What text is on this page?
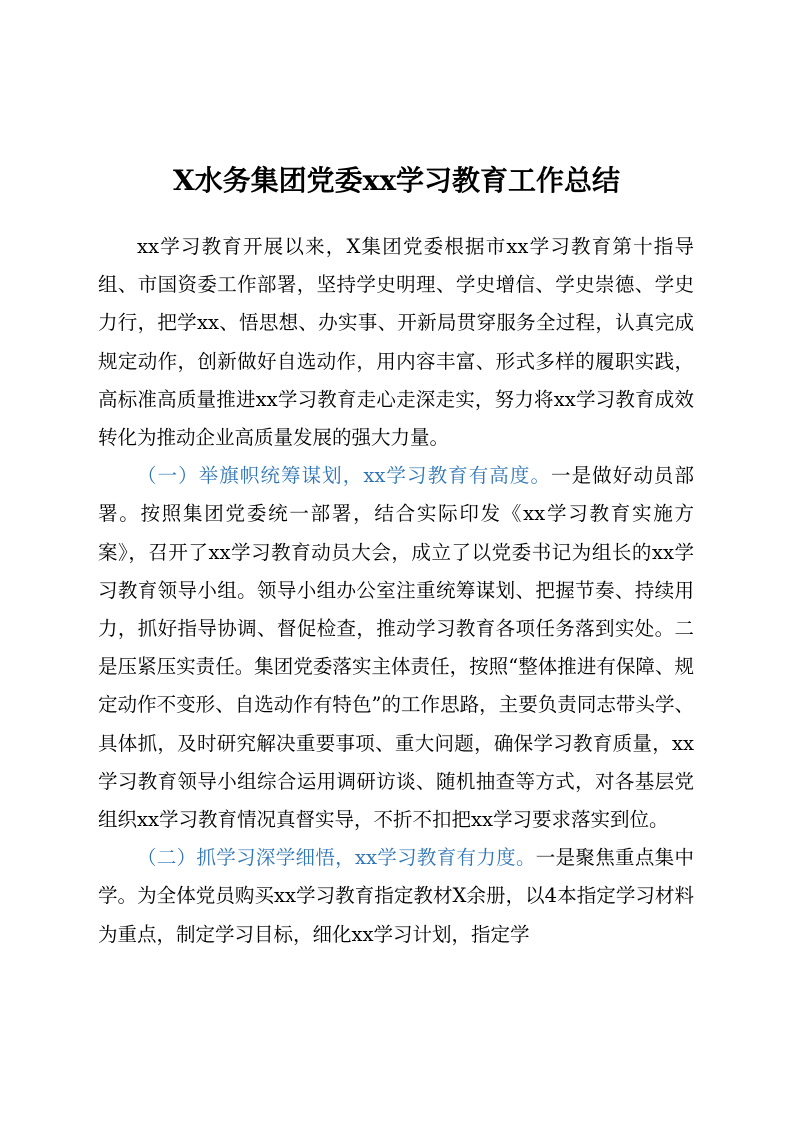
X水务集团党委xx学习教育工作总结

xx学习教育开展以来，X集团党委根据市xx学习教育第十指导组、市国资委工作部署，坚持学史明理、学史增信、学史崇德、学史力行，把学xx、悟思想、办实事、开新局贯穿服务全过程，认真完成规定动作，创新做好自选动作，用内容丰富、形式多样的履职实践，高标准高质量推进xx学习教育走心走深走实，努力将xx学习教育成效转化为推动企业高质量发展的强大力量。

（一）举旗帜统筹谋划，xx学习教育有高度。一是做好动员部署。按照集团党委统一部署，结合实际印发《xx学习教育实施方案》，召开了xx学习教育动员大会，成立了以党委书记为组长的xx学习教育领导小组。领导小组办公室注重统筹谋划、把握节奏、持续用力，抓好指导协调、督促检查，推动学习教育各项任务落到实处。二是压紧压实责任。集团党委落实主体责任，按照“整体推进有保障、规定动作不变形、自选动作有特色”的工作思路，主要负责同志带头学、具体抓，及时研究解决重要事项、重大问题，确保学习教育质量，xx学习教育领导小组综合运用调研访谈、随机抽查等方式，对各基层党组织xx学习教育情况真督实导，不折不扣把xx学习要求落实到位。

（二）抓学习深学细悟，xx学习教育有力度。一是聚焦重点集中学。为全体党员购买xx学习教育指定教材X余册，以4本指定学习材料为重点，制定学习目标，细化xx学习计划，指定学
